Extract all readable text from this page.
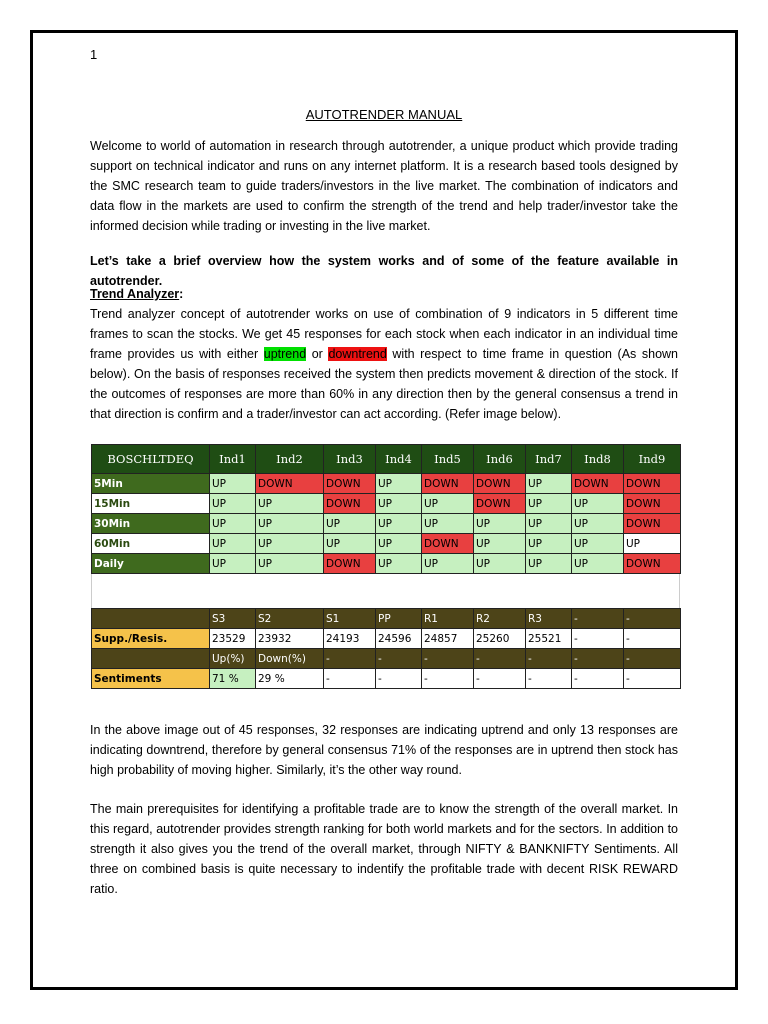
1
AUTOTRENDER MANUAL

Welcome to world of automation in research through autotrender, a unique product which provide trading support on technical indicator and runs on any internet platform. It is a research based tools designed by the SMC research team to guide traders/investors in the live market. The combination of indicators and data flow in the markets are used to confirm the strength of the trend and help trader/investor take the informed decision while trading or investing in the live market.

Let’s take a brief overview how the system works and of some of the feature available in autotrender.

Trend Analyzer:
Trend analyzer concept of autotrender works on use of combination of 9 indicators in 5 different time frames to scan the stocks. We get 45 responses for each stock when each indicator in an individual time frame provides us with either uptrend or downtrend with respect to time frame in question (As shown below). On the basis of responses received the system then predicts movement & direction of the stock. If the outcomes of responses are more than 60% in any direction then by the general consensus a trend in that direction is confirm and a trader/investor can act according. (Refer image below).

BOSCHLTDEQ	Ind1	Ind2	Ind3	Ind4	Ind5	Ind6	Ind7	Ind8	Ind9
5Min	UP	DOWN	DOWN	UP	DOWN	DOWN	UP	DOWN	DOWN
15Min	UP	UP	DOWN	UP	UP	DOWN	UP	UP	DOWN
30Min	UP	UP	UP	UP	UP	UP	UP	UP	DOWN
60Min	UP	UP	UP	UP	DOWN	UP	UP	UP	UP
Daily	UP	UP	DOWN	UP	UP	UP	UP	UP	DOWN
	S3	S2	S1	PP	R1	R2	R3	-	-
Supp./Resis.	23529	23932	24193	24596	24857	25260	25521	-	-
	Up(%)	Down(%)	-	-	-	-	-	-	-
Sentiments	71 %	29 %	-	-	-	-	-	-	-

In the above image out of 45 responses, 32 responses are indicating uptrend and only 13 responses are indicating downtrend, therefore by general consensus 71% of the responses are in uptrend then stock has high probability of moving higher. Similarly, it’s the other way round.

The main prerequisites for identifying a profitable trade are to know the strength of the overall market. In this regard, autotrender provides strength ranking for both world markets and for the sectors. In addition to strength it also gives you the trend of the overall market, through NIFTY & BANKNIFTY Sentiments. All three on combined basis is quite necessary to indentify the profitable trade with decent RISK REWARD ratio.
